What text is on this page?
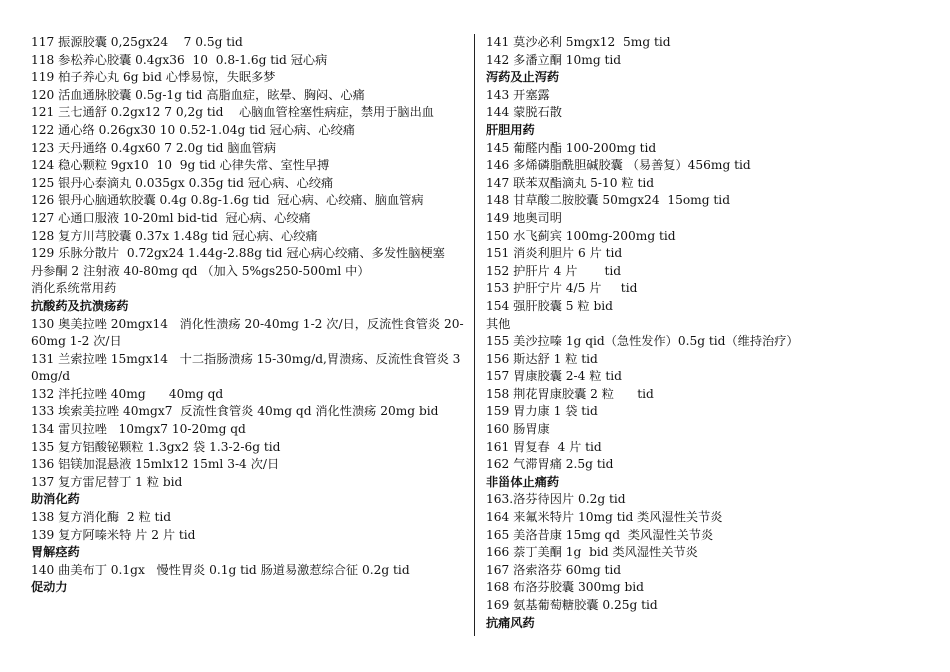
117 振源胶囊 0,25gx24    7 0.5g tid

118 参松养心胶囊 0.4gx36  10  0.8-1.6g tid 冠心病

119 柏子养心丸 6g bid 心悸易惊，失眠多梦

120 活血通脉胶囊 0.5g-1g tid 高脂血症，眩晕、胸闷、心痛

121 三七通舒 0.2gx12 7 0,2g tid    心脑血管栓塞性病症，禁用于脑出血

122 通心络 0.26gx30 10 0.52-1.04g tid 冠心病、心绞痛

123 天丹通络 0.4gx60 7 2.0g tid 脑血管病

124 稳心颗粒 9gx10  10  9g tid 心律失常、室性早搏

125 银丹心泰滴丸 0.035gx 0.35g tid 冠心病、心绞痛

126 银丹心脑通软胶囊 0.4g 0.8g-1.6g tid  冠心病、心绞痛、脑血管病

127 心通口服液 10-20ml bid-tid  冠心病、心绞痛

128 复方川芎胶囊 0.37x 1.48g tid 冠心病、心绞痛

129 乐脉分散片  0.72gx24 1.44g-2.88g tid 冠心病心绞痛、多发性脑梗塞

丹参酮 2 注射液 40-80mg qd （加入 5%gs250-500ml 中）

消化系统常用药

抗酸药及抗溃疡药

130 奥美拉唑 20mgx14   消化性溃疡 20-40mg 1-2 次/日，反流性食管炎 20-60mg 1-2 次/日

131 兰索拉唑 15mgx14   十二指肠溃疡 15-30mg/d,胃溃疡、反流性食管炎 30mg/d

132 泮托拉唑 40mg      40mg qd

133 埃索美拉唑 40mgx7  反流性食管炎 40mg qd 消化性溃疡 20mg bid

134 雷贝拉唑   10mgx7 10-20mg qd

135 复方铝酸铋颗粒 1.3gx2 袋 1.3-2-6g tid

136 铝镁加混悬液 15mlx12 15ml 3-4 次/日

137 复方雷尼替丁 1 粒 bid

助消化药

138 复方消化酶  2 粒 tid

139 复方阿嗪米特 片 2 片 tid

胃解痉药

140 曲美布丁 0.1gx   慢性胃炎 0.1g tid 肠道易激惹综合征 0.2g tid

促动力

141 莫沙必利 5mgx12  5mg tid

142 多潘立酮 10mg tid

泻药及止泻药

143 开塞露

144 蒙脱石散

肝胆用药

145 葡醛内酯 100-200mg tid

146 多烯磷脂酰胆碱胶囊 （易善复）456mg tid

147 联苯双酯滴丸 5-10 粒 tid

148 甘草酸二胺胶囊 50mgx24  15omg tid

149 地奥司明

150 水飞蓟宾 100mg-200mg tid

151 消炎利胆片 6 片 tid

152 护肝片 4 片       tid

153 护肝宁片 4/5 片     tid

154 强肝胶囊 5 粒 bid

其他

155 美沙拉嗪 1g qid（急性发作）0.5g tid（维持治疗）

156 斯达舒 1 粒 tid

157 胃康胶囊 2-4 粒 tid

158 荆花胃康胶囊 2 粒      tid

159 胃力康 1 袋 tid

160 肠胃康

161 胃复春  4 片 tid

162 气滞胃痛 2.5g tid

非甾体止痛药

163.洛芬待因片 0.2g tid

164 来氟米特片 10mg tid 类风湿性关节炎

165 美洛昔康 15mg qd  类风湿性关节炎

166 萘丁美酮 1g  bid 类风湿性关节炎

167 洛索洛芬 60mg tid

168 布洛芬胶囊 300mg bid

169 氨基葡萄糖胶囊 0.25g tid

抗痛风药
